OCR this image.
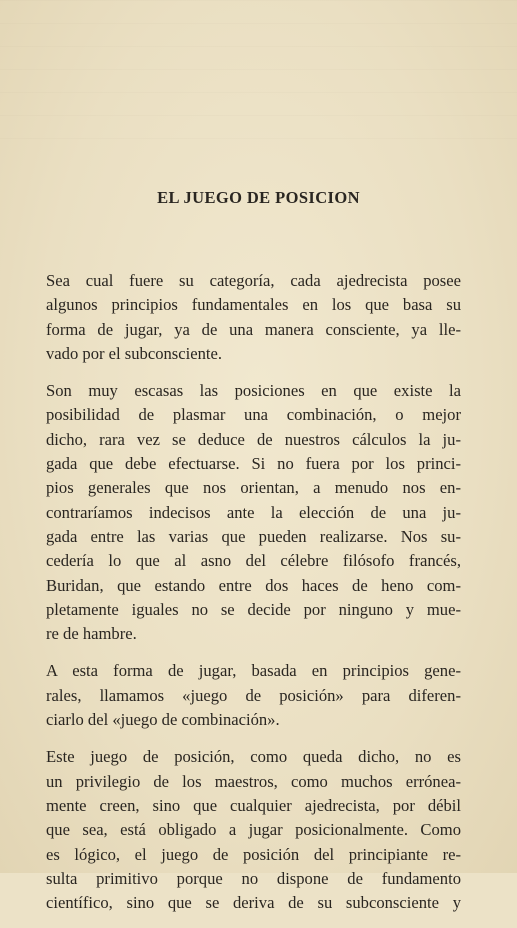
EL JUEGO DE POSICION

Sea cual fuere su categoría, cada ajedrecista posee
algunos principios fundamentales en los que basa su
forma de jugar, ya de una manera consciente, ya lle-
vado por el subconsciente.

Son muy escasas las posiciones en que existe la
posibilidad de plasmar una combinación, o mejor
dicho, rara vez se deduce de nuestros cálculos la ju-
gada que debe efectuarse. Si no fuera por los princi-
pios generales que nos orientan, a menudo nos en-
contraríamos indecisos ante la elección de una ju-
gada entre las varias que pueden realizarse. Nos su-
cedería lo que al asno del célebre filósofo francés,
Buridan, que estando entre dos haces de heno com-
pletamente iguales no se decide por ninguno y mue-
re de hambre.

A esta forma de jugar, basada en principios gene-
rales, llamamos «juego de posición» para diferen-
ciarlo del «juego de combinación».

Este juego de posición, como queda dicho, no es
un privilegio de los maestros, como muchos erróneа-
mente creen, sino que cualquier ajedrecista, por débil
que sea, está obligado a jugar posicionalmente. Como
es lógico, el juego de posición del principiante re-
sulta primitivo porque no dispone de fundamento
científico, sino que se deriva de su subconsciente y
